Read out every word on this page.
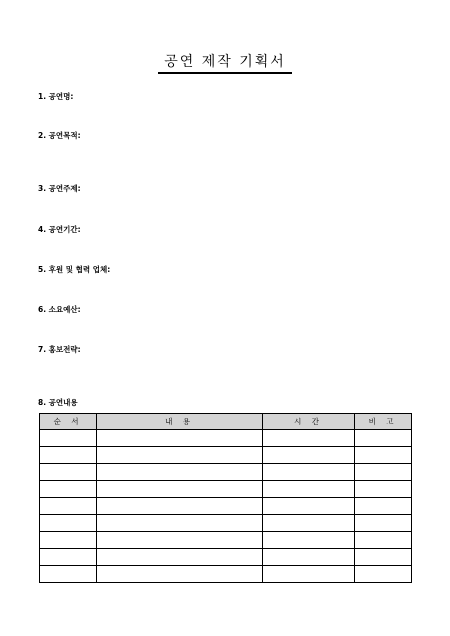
공연 제작 기획서
1. 공연명:
2. 공연목적:
3. 공연주제:
4. 공연기간:
5. 후원 및 협력 업체:
6. 소요예산:
7. 홍보전략:
8. 공연내용
순 서	내 용	시 간	비 고
